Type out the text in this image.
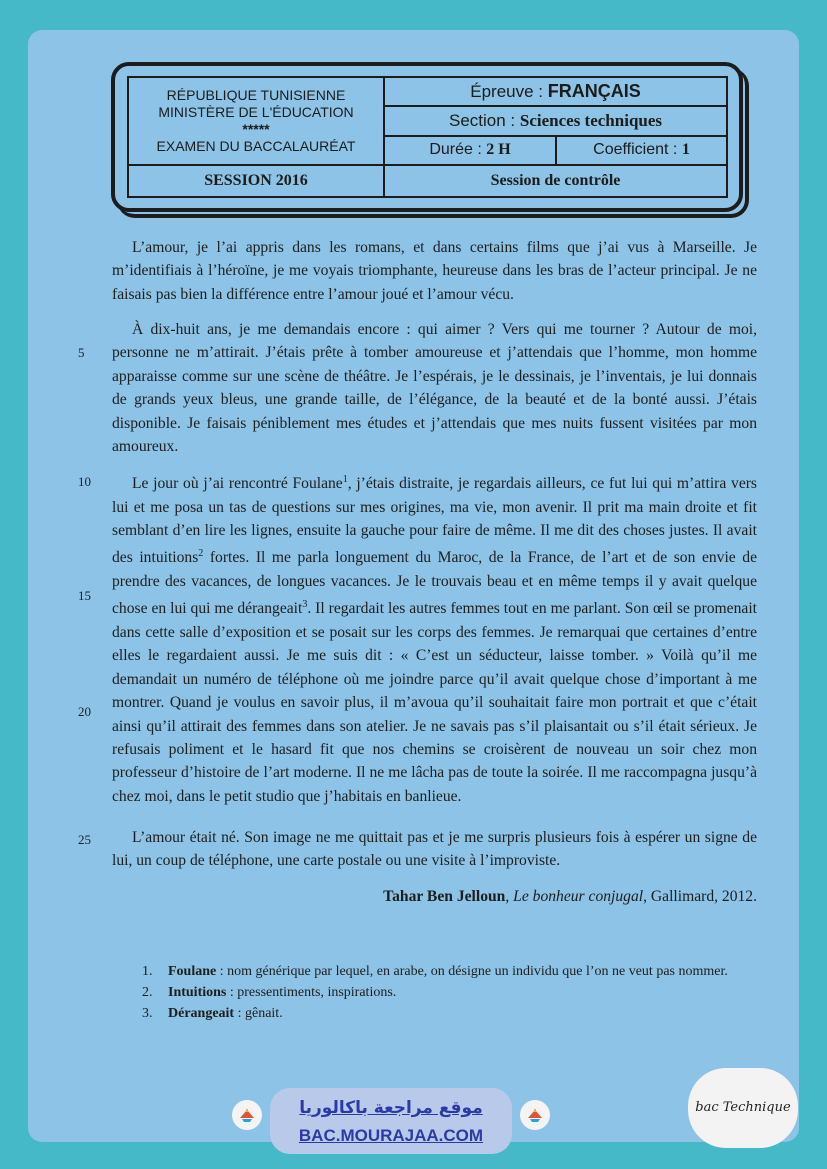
RÉPUBLIQUE TUNISIENNE
MINISTÈRE DE L'ÉDUCATION
*****
EXAMEN DU BACCALAURÉAT	Épreuve : FRANÇAIS	
	Section : Sciences techniques	
	Durée : 2 H	Coefficient : 1
SESSION 2016	Session de contrôle	

L’amour, je l’ai appris dans les romans, et dans certains films que j’ai vus à Marseille. Je m’identifiais à l’héroïne, je me voyais triomphante, heureuse dans les bras de l’acteur principal. Je ne faisais pas bien la différence entre l’amour joué et l’amour vécu.

À dix-huit ans, je me demandais encore : qui aimer ? Vers qui me tourner ? Autour de moi, personne ne m’attirait. J’étais prête à tomber amoureuse et j’attendais que l’homme, mon homme apparaisse comme sur une scène de théâtre. Je l’espérais, je le dessinais, je l’inventais, je lui donnais de grands yeux bleus, une grande taille, de l’élégance, de la beauté et de la bonté aussi. J’étais disponible. Je faisais péniblement mes études et j’attendais que mes nuits fussent visitées par mon amoureux.

Le jour où j’ai rencontré Foulane$^1$, j’étais distraite, je regardais ailleurs, ce fut lui qui m’attira vers lui et me posa un tas de questions sur mes origines, ma vie, mon avenir. Il prit ma main droite et fit semblant d’en lire les lignes, ensuite la gauche pour faire de même. Il me dit des choses justes. Il avait des intuitions$^2$ fortes. Il me parla longuement du Maroc, de la France, de l’art et de son envie de prendre des vacances, de longues vacances. Je le trouvais beau et en même temps il y avait quelque chose en lui qui me dérangeait$^3$. Il regardait les autres femmes tout en me parlant. Son œil se promenait dans cette salle d’exposition et se posait sur les corps des femmes. Je remarquai que certaines d’entre elles le regardaient aussi. Je me suis dit : « C’est un séducteur, laisse tomber. » Voilà qu’il me demandait un numéro de téléphone où me joindre parce qu’il avait quelque chose d’important à me montrer. Quand je voulus en savoir plus, il m’avoua qu’il souhaitait faire mon portrait et que c’était ainsi qu’il attirait des femmes dans son atelier. Je ne savais pas s’il plaisantait ou s’il était sérieux. Je refusais poliment et le hasard fit que nos chemins se croisèrent de nouveau un soir chez mon professeur d’histoire de l’art moderne. Il ne me lâcha pas de toute la soirée. Il me raccompagna jusqu’à chez moi, dans le petit studio que j’habitais en banlieue.

L’amour était né. Son image ne me quittait pas et je me surpris plusieurs fois à espérer un signe de lui, un coup de téléphone, une carte postale ou une visite à l’improviste.

5
10
15
20
25
Tahar Ben Jelloun, Le bonheur conjugal, Gallimard, 2012.
1. Foulane : nom générique par lequel, en arabe, on désigne un individu que l’on ne veut pas nommer.
2. Intuitions : pressentiments, inspirations.
3. Dérangeait : gênait.
موقع مراجعة باكالوريا
BAC.MOURAJAA.COM
bac Technique
